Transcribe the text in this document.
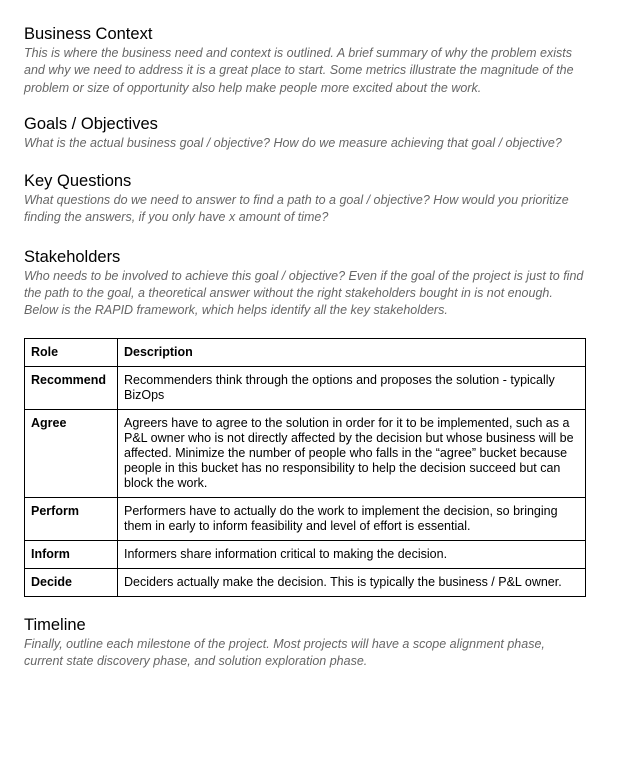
Business Context

This is where the business need and context is outlined. A brief summary of why the problem exists and why we need to address it is a great place to start. Some metrics illustrate the magnitude of the problem or size of opportunity also help make people more excited about the work.

Goals / Objectives

What is the actual business goal / objective? How do we measure achieving that goal / objective?

Key Questions

What questions do we need to answer to find a path to a goal / objective? How would you prioritize finding the answers, if you only have x amount of time?

Stakeholders

Who needs to be involved to achieve this goal / objective? Even if the goal of the project is just to find the path to the goal, a theoretical answer without the right stakeholders bought in is not enough. Below is the RAPID framework, which helps identify all the key stakeholders.

Role	Description
Recommend	Recommenders think through the options and proposes the solution - typically BizOps
Agree	Agreers have to agree to the solution in order for it to be implemented, such as a P&L owner who is not directly affected by the decision but whose business will be affected. Minimize the number of people who falls in the “agree” bucket because people in this bucket has no responsibility to help the decision succeed but can block the work.
Perform	Performers have to actually do the work to implement the decision, so bringing them in early to inform feasibility and level of effort is essential.
Inform	Informers share information critical to making the decision.
Decide	Deciders actually make the decision. This is typically the business / P&L owner.
Timeline

Finally, outline each milestone of the project. Most projects will have a scope alignment phase, current state discovery phase, and solution exploration phase.
